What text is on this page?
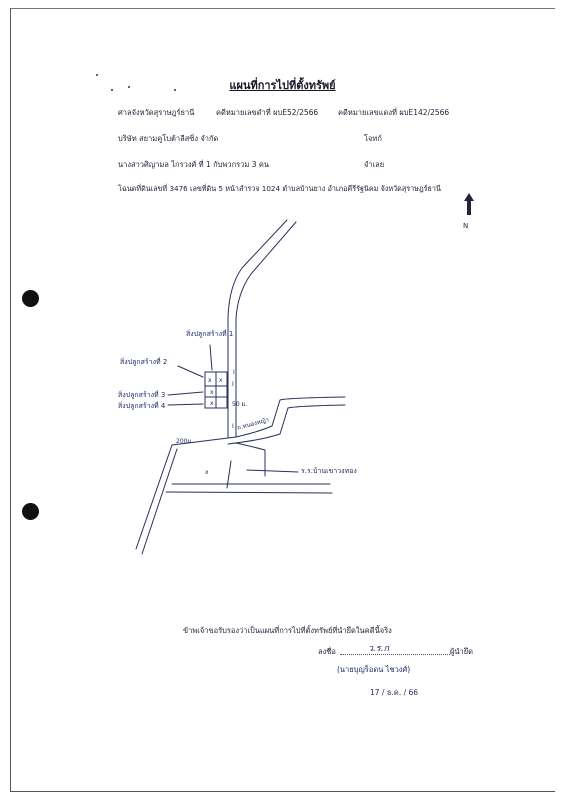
แผนที่การไปที่ตั้งทรัพย์
ศาลจังหวัดสุราษฎร์ธานี	คดีหมายเลขดำที่ ผบE52/2566	คดีหมายเลขแดงที่ ผบE142/2566
บริษัท สยามคูโบต้าลีสซิ่ง จำกัด	โจทก์
นางสาวศิญามล ไกรวงศ์ ที่ 1 กับพวกรวม 3 คน	จำเลย
โฉนดที่ดินเลขที่ 3476 เลขที่ดิน 5 หน้าสำรวจ 1024 ตำบลบ้านยาง อำเภอคีรีรัฐนิคม จังหวัดสุราษฎร์ธานี
N
x x
x
x
x
I
I
I
สิ่งปลูกสร้างที่ 1
สิ่งปลูกสร้างที่ 2
สิ่งปลูกสร้างที่ 3
สิ่งปลูกสร้างที่ 4	50 ม.
ถ.หนองหญ้า
200ม.
ร.ร.บ้านเขาวงทอง
ข้าพเจ้าขอรับรองว่าเป็นแผนที่การไปที่ตั้งทรัพย์ที่นำยึดในคดีนี้จริง
ลงชื่อ	ว.ร.ก	ผู้นำยึด
(นายบุญร็อดน ไชวงศ์)
17 / ธ.ค. / 66
